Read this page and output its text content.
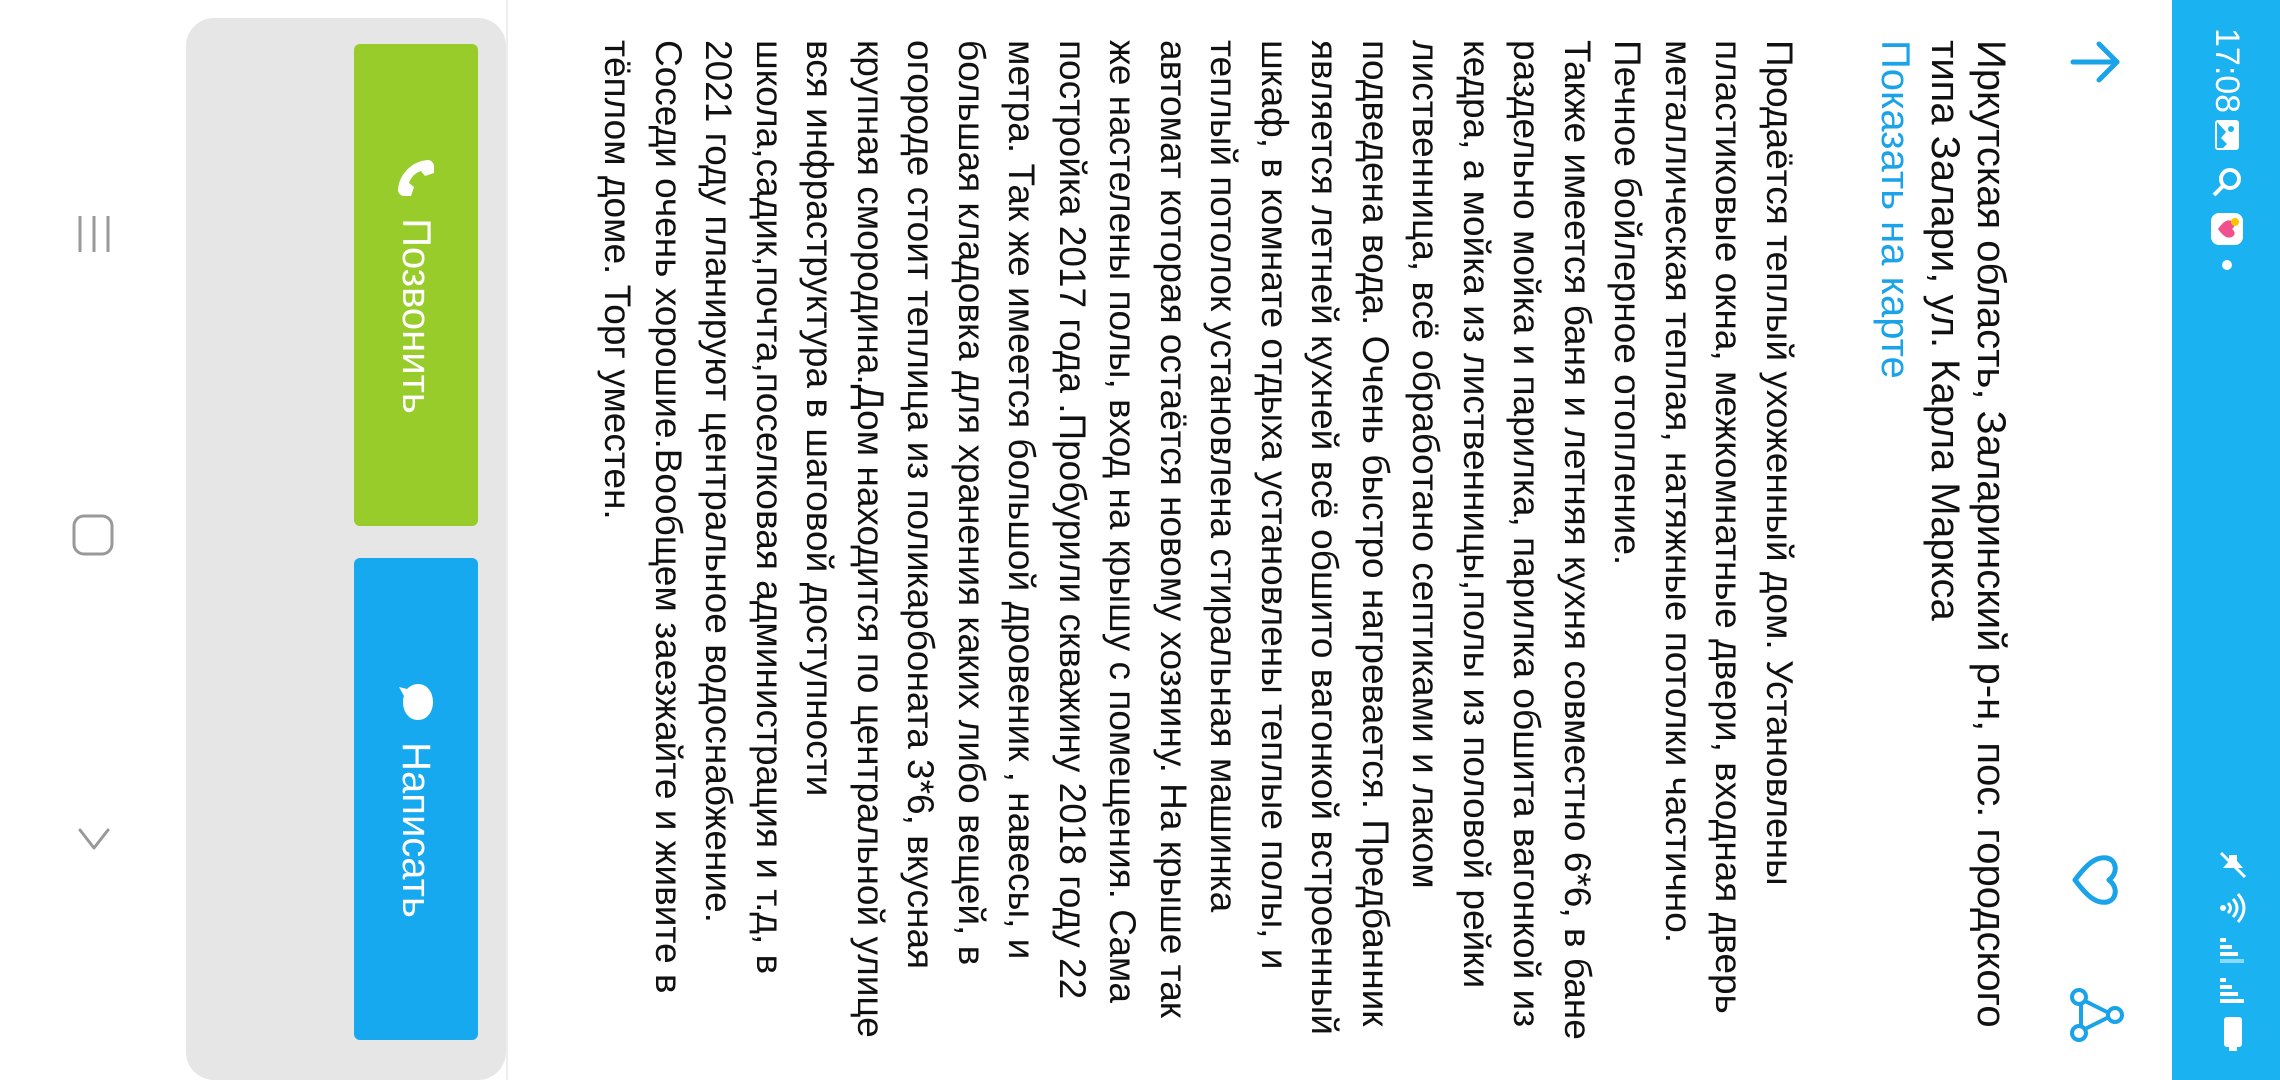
17:08
Иркутская область, Заларинский р-н, пос. городского типа Залари, ул. Карла Маркса
Показать на карте
Продаётся теплый ухоженный дом. Установлены пластиковые окна, межкомнатные двери, входная дверь металлическая теплая, натяжные потолки частично. Печное бойлерное отопление.
Также имеется баня и летняя кухня совместно 6*6, в бане раздельно мойка и парилка, парилка обшита вагонкой из кедра, а мойка из лиственницы,полы из половой рейки лиственница, всё обработано септиками и лаком подведена вода. Очень быстро нагревается. Предбанник является летней кухней всё обшито вагонкой встроенный шкаф, в комнате отдыха установлены теплые полы, и теплый потолок установлена стиральная машинка автомат которая остаётся новому хозяину. На крыше так же настелены полы, вход на крышу с помещения. Сама постройка 2017 года .Пробурили скважину 2018 году 22 метра. Так же имеется большой дровеник , навесы, и большая кладовка для хранения каких либо вещей, в огороде стоит теплица из поликарбоната 3*6, вкусная крупная смородина.Дом находится по центральной улице вся инфраструктура в шаговой доступности школа,садик,почта,поселковая администрация и т.д, в 2021 году планируют центральное водоснабжение. Соседи очень хорошие.Вообщем заезжайте и живите в тёплом доме. Торг уместен.
Позвонить
Написать
